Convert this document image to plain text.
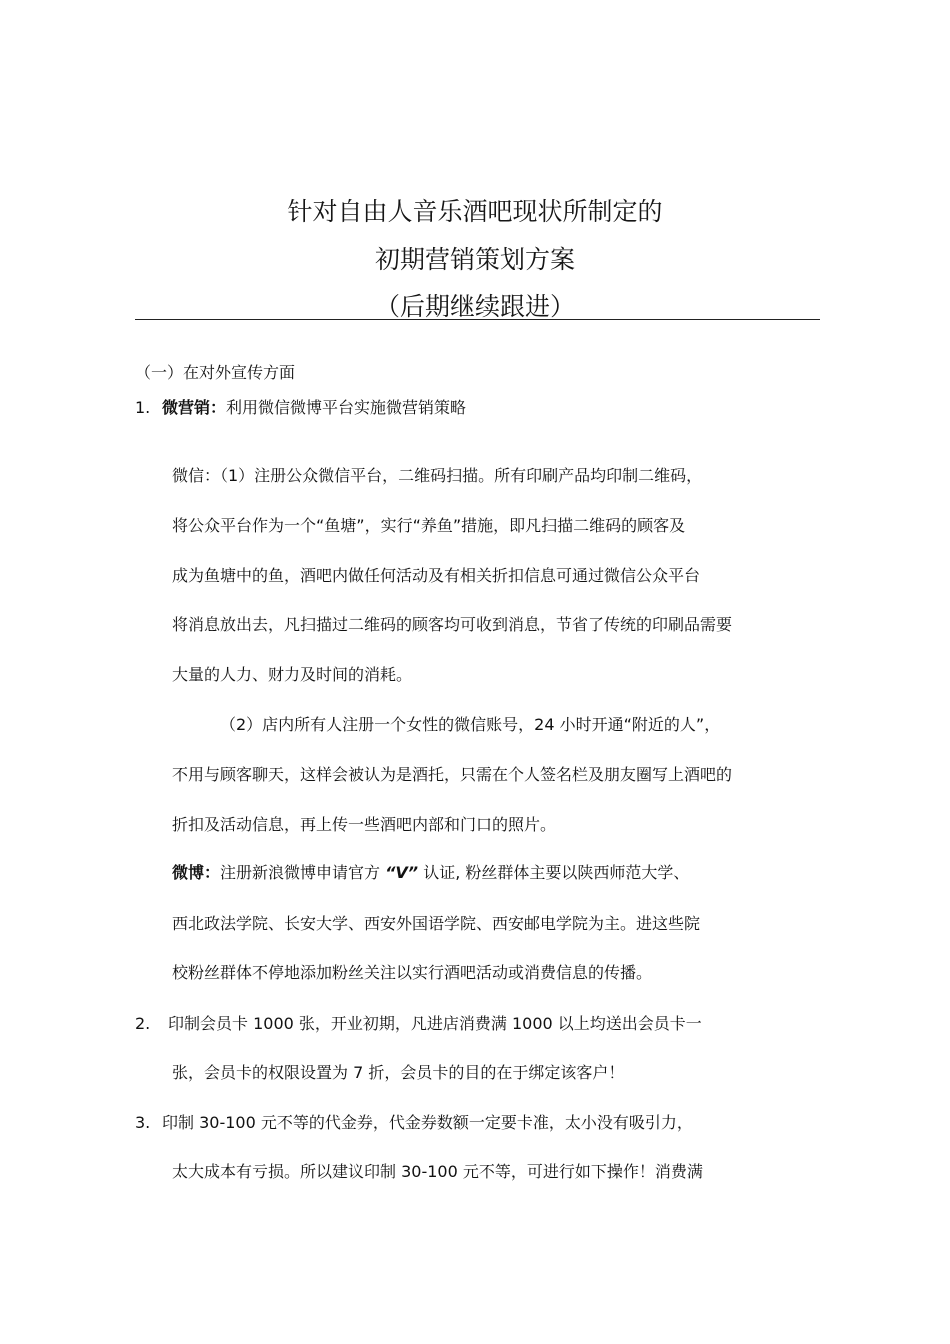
针对自由人音乐酒吧现状所制定的
初期营销策划方案
（后期继续跟进）
（一）在对外宣传方面
1. 微营销：利用微信微博平台实施微营销策略
微信：（1）注册公众微信平台，二维码扫描。所有印刷产品均印制二维码，
将公众平台作为一个“鱼塘”，实行“养鱼”措施，即凡扫描二维码的顾客及
成为鱼塘中的鱼，酒吧内做任何活动及有相关折扣信息可通过微信公众平台
将消息放出去，凡扫描过二维码的顾客均可收到消息，节省了传统的印刷品需要
大量的人力、财力及时间的消耗。
（2）店内所有人注册一个女性的微信账号，24 小时开通“附近的人”，
不用与顾客聊天，这样会被认为是酒托，只需在个人签名栏及朋友圈写上酒吧的
折扣及活动信息，再上传一些酒吧内部和门口的照片。
微博：注册新浪微博申请官方 “V” 认证, 粉丝群体主要以陕西师范大学、
西北政法学院、长安大学、西安外国语学院、西安邮电学院为主。进这些院
校粉丝群体不停地添加粉丝关注以实行酒吧活动或消费信息的传播。
2. 印制会员卡 1000 张，开业初期，凡进店消费满 1000 以上均送出会员卡一
张，会员卡的权限设置为 7 折，会员卡的目的在于绑定该客户！
3. 印制 30-100 元不等的代金券，代金券数额一定要卡准，太小没有吸引力，
太大成本有亏损。所以建议印制 30-100 元不等，可进行如下操作！消费满
